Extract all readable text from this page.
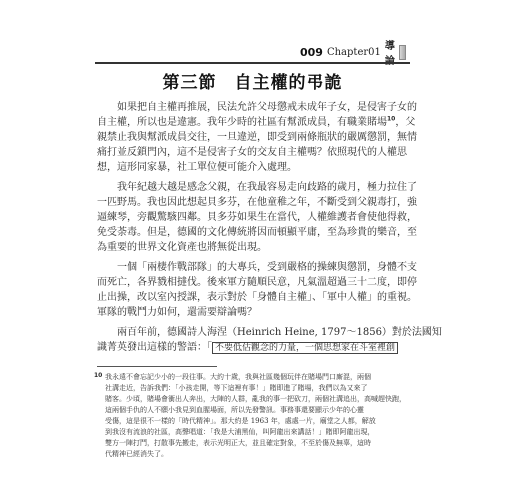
009 Chapter01 導論
第三節　自主權的弔詭

如果把自主權再推展，民法允許父母懲戒未成年子女，是侵害子女的
自主權，所以也是違憲。我年少時的社區有幫派成員，有職業賭場$^{10}$，父
親禁止我與幫派成員交往，一旦違逆，即受到兩條瓶狀的嚴厲懲罰，無情
痛打並反鎖門內，這不是侵害子女的交友自主權嗎？依照現代的人權思
想，這形同家暴，社工單位便可能介入處理。

我年紀越大越是感念父親，在我最容易走向歧路的歲月，極力拉住了
一匹野馬。我也因此想起貝多芬，在他童稚之年，不斷受到父親毒打，強
逼練琴，旁觀驚駭四鄰。貝多芬如果生在當代，人權維護者會使他得救，
免受荼毒。但是，德國的文化傳統將因而頓顯平庸，至為珍貴的樂音，至
為重要的世界文化資產也將無從出現。

一個「兩棲作戰部隊」的大專兵，受到嚴格的操練與懲罰，身體不支
而死亡，各界戮相撻伐。後來軍方隨順民意，凡氣溫超過三十二度，即停
止出操，改以室內授課，表示對於「身體自主權」、「軍中人權」的重視。
軍隊的戰鬥力如何，還需要辯論嗎？

兩百年前，德國詩人海涅（Heinrich Heine, 1797～1856）對於法國知
識菁英發出這樣的警語：「 不要低估觀念的力量，一個思想家在斗室裡創

10 我永遠不會忘記少小的一段往事。大約十歲，我與社區幾個玩伴在賭場門口廝混，兩個
社溝走近，告訴我們：「小孩走開，等下這裡有事！」賭即進了賭場，我們以為又來了
賭客。少頃，賭場會衝出人奔出，大陣的人群，亂我的事一把砍刀，兩個社溝追出，高喊趕快跑，
這兩個手仇的人不願小我見到血腥場面，所以先發警訊。事務事還要顯示少年的心靈
受傷，這是很不一樣的「時代精神」。那大約是 1963 年，處處一片，廟堂之人都，解放
到我沒有流浪的社區，高聲唱道：「我是大浦黑仙，叫阿龍出來講話！」賭即阿龍出現，
雙方一陣打鬥，打散事先搬走，表示光明正大，並且確定對象，不至於傷及無辜，這時
代精神已經消失了。
